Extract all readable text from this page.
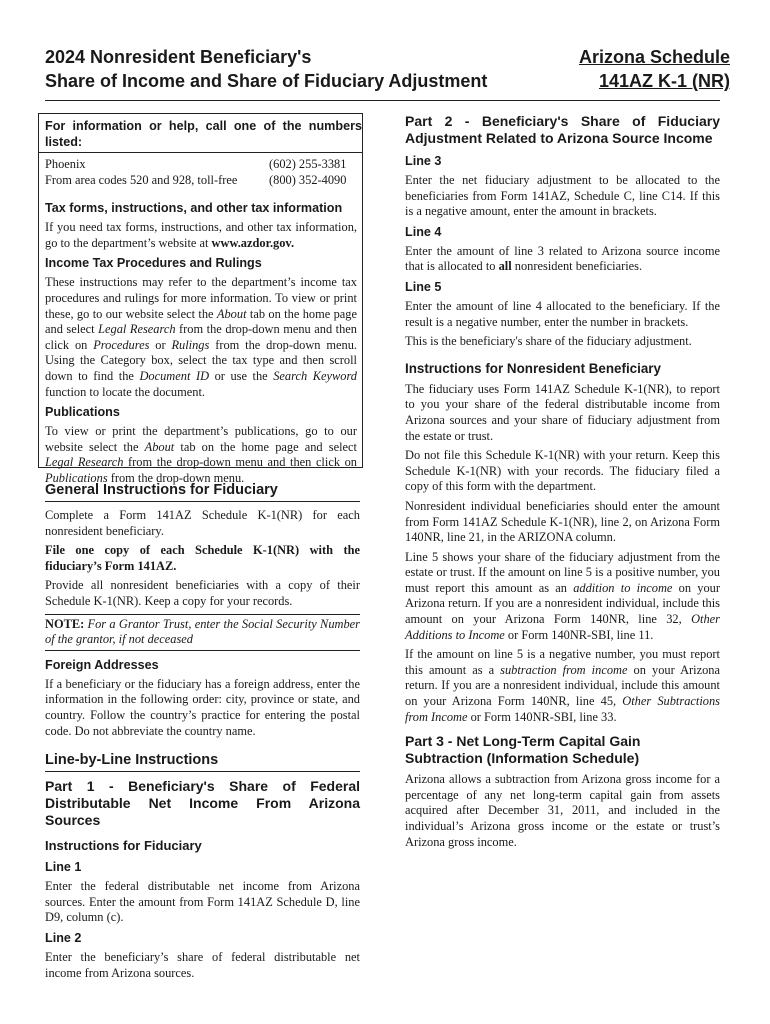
2024 Nonresident Beneficiary's
Share of Income and Share of Fiduciary Adjustment
Arizona Schedule
141AZ K-1 (NR)
For information or help, call one of the numbers listed:
Phoenix	(602) 255-3381
From area codes 520 and 928, toll-free	(800) 352-4090
Tax forms, instructions, and other tax information

If you need tax forms, instructions, and other tax information, go to the department’s website at www.azdor.gov.

Income Tax Procedures and Rulings

These instructions may refer to the department’s income tax procedures and rulings for more information. To view or print these, go to our website select the About tab on the home page and select Legal Research from the drop-down menu and then click on Procedures or Rulings from the drop-down menu. Using the Category box, select the tax type and then scroll down to find the Document ID or use the Search Keyword function to locate the document.

Publications

To view or print the department’s publications, go to our website select the About tab on the home page and select Legal Research from the drop-down menu and then click on Publications from the drop-down menu.

General Instructions for Fiduciary

Complete a Form 141AZ Schedule K-1(NR) for each nonresident beneficiary.

File one copy of each Schedule K-1(NR) with the fiduciary’s Form 141AZ.

Provide all nonresident beneficiaries with a copy of their Schedule K-1(NR). Keep a copy for your records.

NOTE: For a Grantor Trust, enter the Social Security Number of the grantor, if not deceased
Foreign Addresses

If a beneficiary or the fiduciary has a foreign address, enter the information in the following order: city, province or state, and country. Follow the country’s practice for entering the postal code. Do not abbreviate the country name.

Line-by-Line Instructions
Part 1 - Beneficiary's Share of Federal Distributable Net Income From Arizona Sources
Instructions for Fiduciary
Line 1

Enter the federal distributable net income from Arizona sources. Enter the amount from Form 141AZ Schedule D, line D9, column (c).

Line 2

Enter the beneficiary’s share of federal distributable net income from Arizona sources.

Part 2 - Beneficiary's Share of Fiduciary Adjustment Related to Arizona Source Income
Line 3

Enter the net fiduciary adjustment to be allocated to the beneficiaries from Form 141AZ, Schedule C, line C14. If this is a negative amount, enter the amount in brackets.

Line 4

Enter the amount of line 3 related to Arizona source income that is allocated to all nonresident beneficiaries.

Line 5

Enter the amount of line 4 allocated to the beneficiary. If the result is a negative number, enter the number in brackets.

This is the beneficiary's share of the fiduciary adjustment.

Instructions for Nonresident Beneficiary

The fiduciary uses Form 141AZ Schedule K-1(NR), to report to you your share of the federal distributable income from Arizona sources and your share of fiduciary adjustment from the estate or trust.

Do not file this Schedule K-1(NR) with your return. Keep this Schedule K-1(NR) with your records. The fiduciary filed a copy of this form with the department.

Nonresident individual beneficiaries should enter the amount from Form 141AZ Schedule K-1(NR), line 2, on Arizona Form 140NR, line 21, in the ARIZONA column.

Line 5 shows your share of the fiduciary adjustment from the estate or trust. If the amount on line 5 is a positive number, you must report this amount as an addition to income on your Arizona return. If you are a nonresident individual, include this amount on your Arizona Form 140NR, line 32, Other Additions to Income or Form 140NR-SBI, line 11.

If the amount on line 5 is a negative number, you must report this amount as a subtraction from income on your Arizona return. If you are a nonresident individual, include this amount on your Arizona Form 140NR, line 45, Other Subtractions from Income or Form 140NR-SBI, line 33.

Part 3 - Net Long-Term Capital Gain Subtraction (Information Schedule)

Arizona allows a subtraction from Arizona gross income for a percentage of any net long-term capital gain from assets acquired after December 31, 2011, and included in the individual’s Arizona gross income or the estate or trust’s Arizona gross income.
